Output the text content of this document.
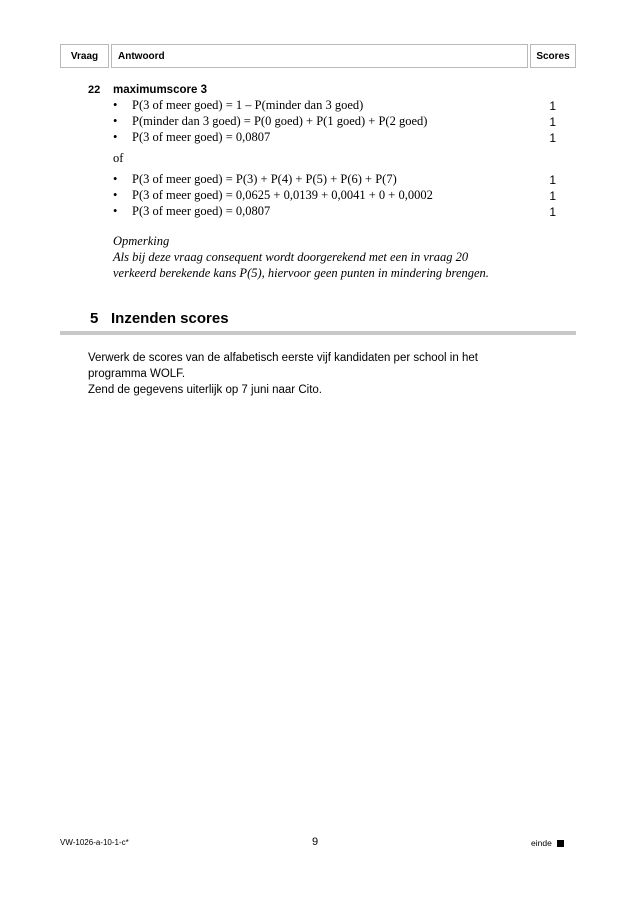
Vraag	Antwoord	Scores
22 maximumscore 3
• P(3 of meer goed) = 1 – P(minder dan 3 goed)	1
• P(minder dan 3 goed) = P(0 goed) + P(1 goed) + P(2 goed)	1
• P(3 of meer goed) = 0,0807	1
of
• P(3 of meer goed) = P(3) + P(4) + P(5) + P(6) + P(7)	1
• P(3 of meer goed) = 0,0625 + 0,0139 + 0,0041 + 0 + 0,0002	1
• P(3 of meer goed) = 0,0807	1
Opmerking
Als bij deze vraag consequent wordt doorgerekend met een in vraag 20
verkeerd berekende kans P(5), hiervoor geen punten in mindering brengen.
5 Inzenden scores
Verwerk de scores van de alfabetisch eerste vijf kandidaten per school in het
programma WOLF.
Zend de gegevens uiterlijk op 7 juni naar Cito.
VW-1026-a-10-1-c*	9	einde
